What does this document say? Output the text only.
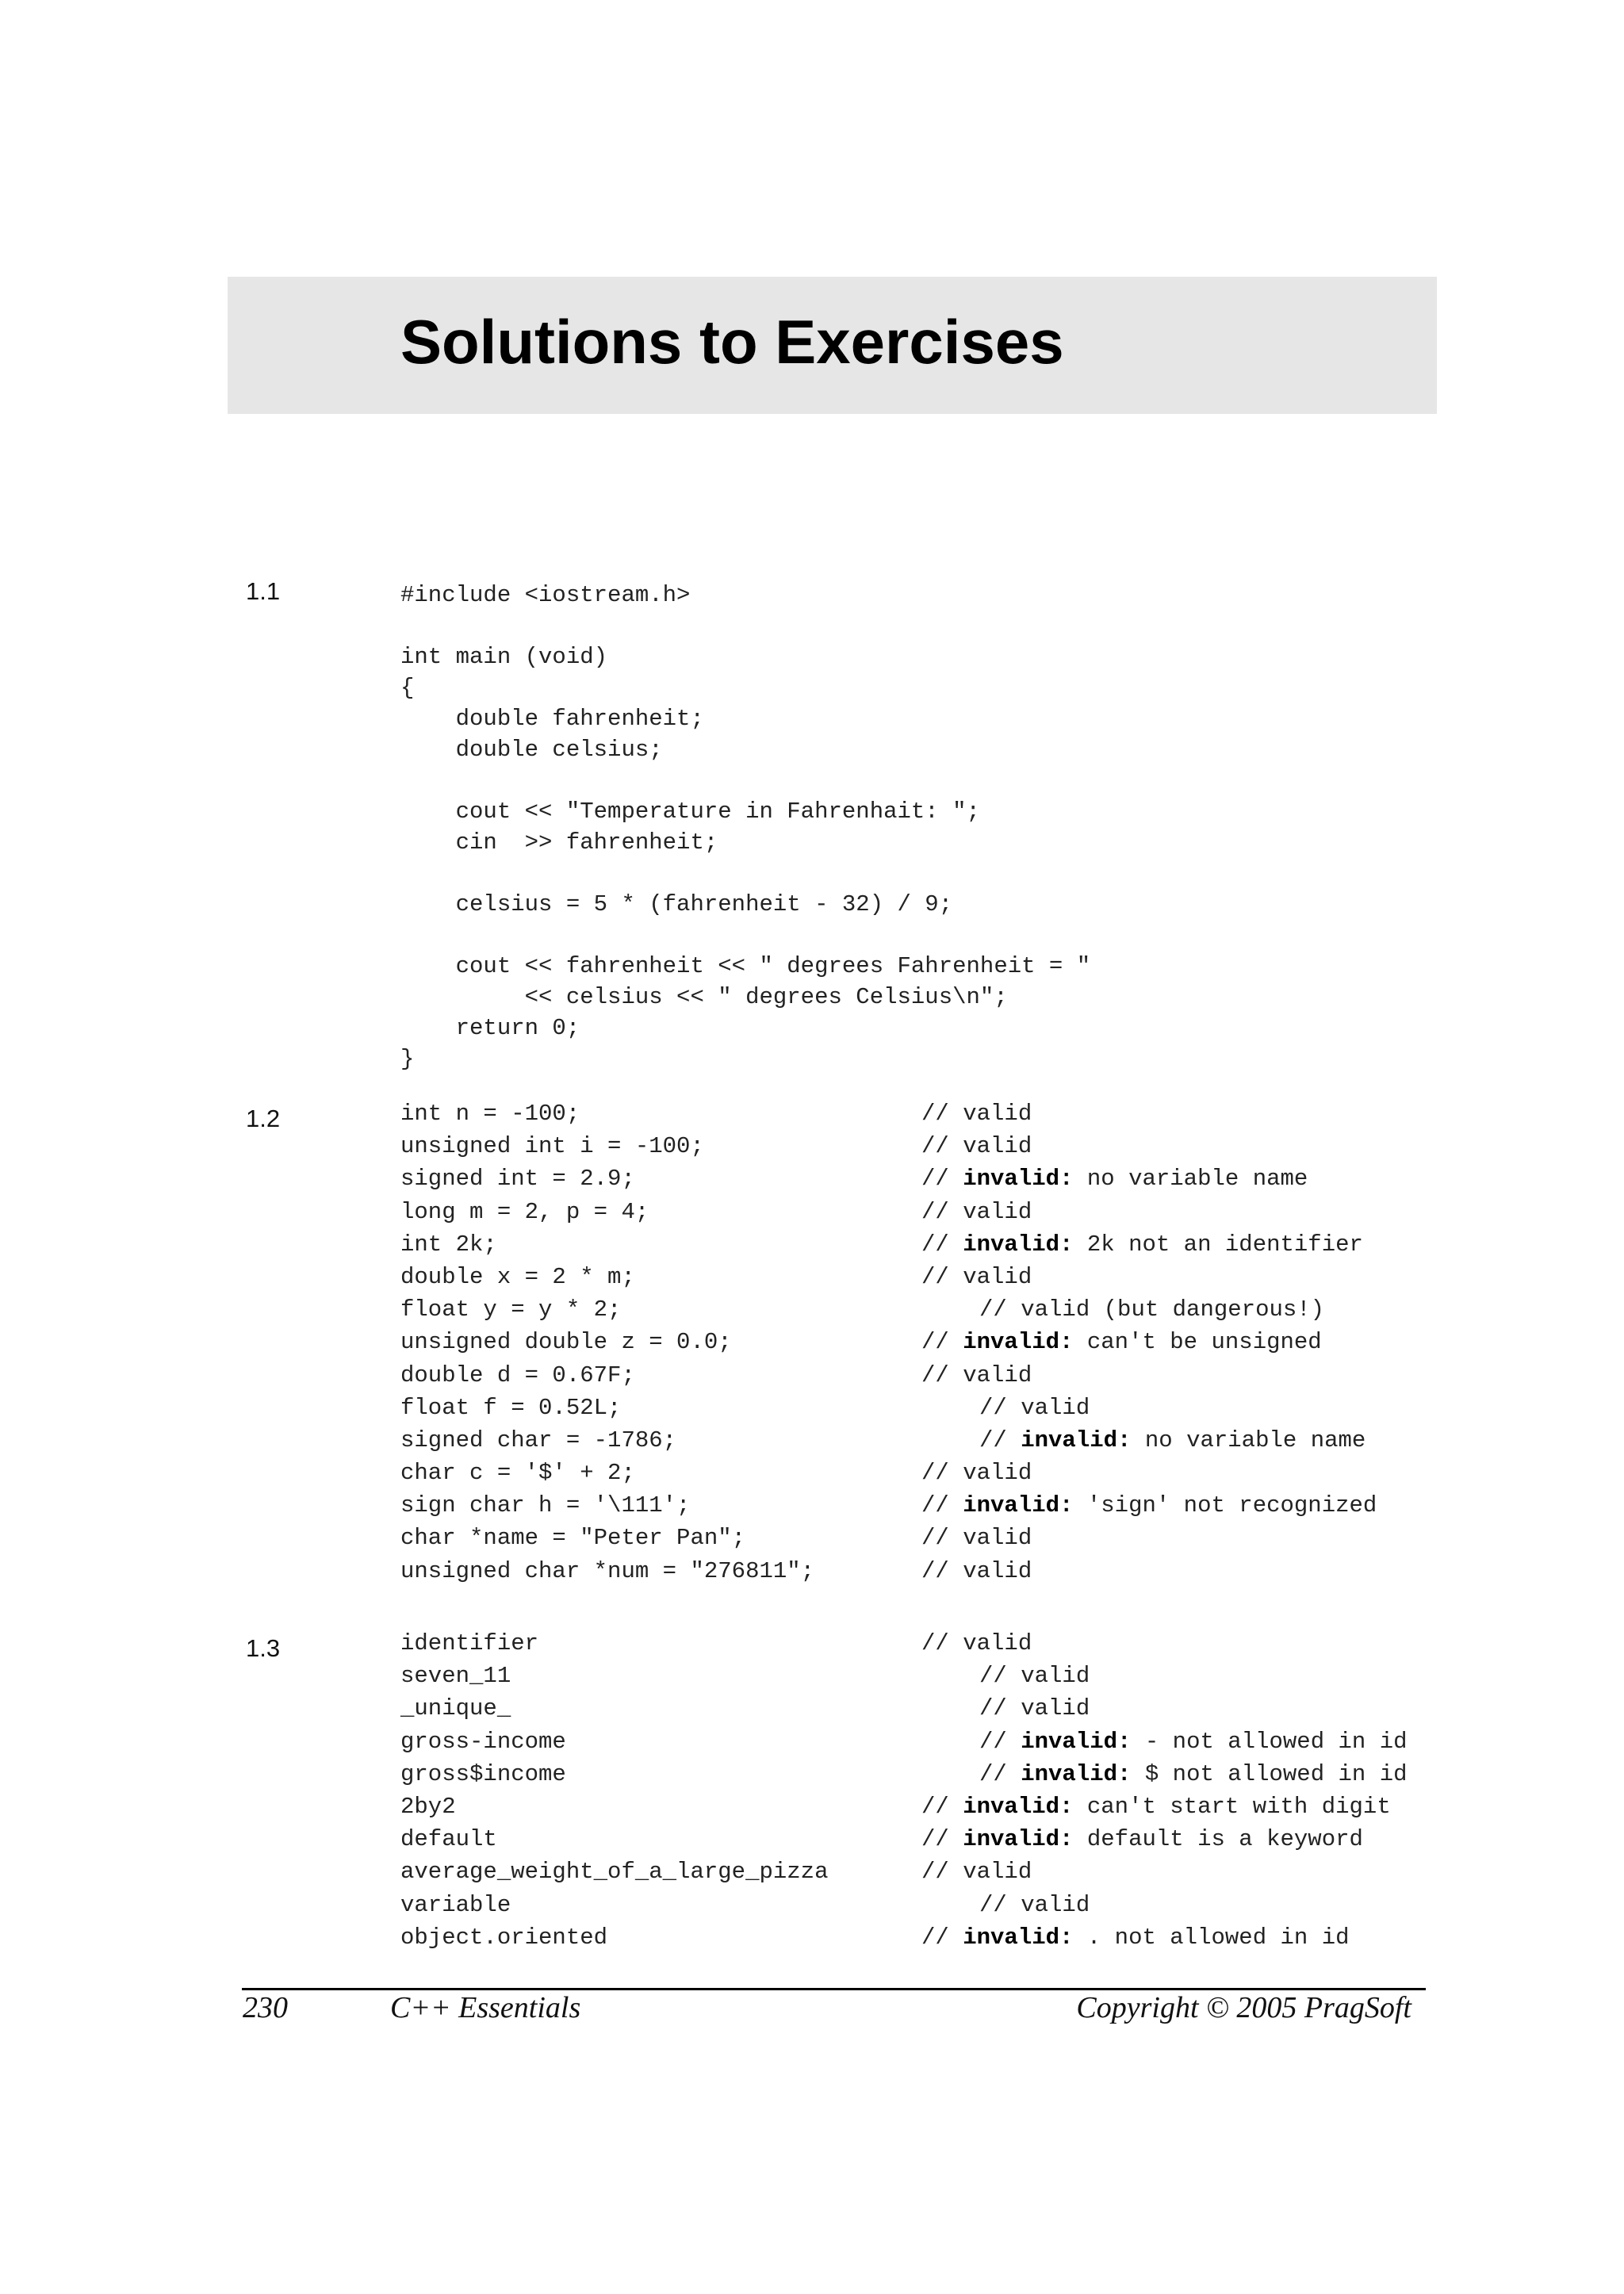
Solutions to Exercises
1.1	#include <iostream.h>
int main (void)
{
double fahrenheit;
double celsius;
cout << "Temperature in Fahrenhait: ";
cin  >> fahrenheit;
celsius = 5 * (fahrenheit - 32) / 9;
cout << fahrenheit << " degrees Fahrenheit = "
<< celsius << " degrees Celsius\n";
return 0;
}
1.2	int n = -100;	// valid
unsigned int i = -100;	// valid
signed int = 2.9;	// invalid: no variable name
long m = 2, p = 4;	// valid
int 2k;	// invalid: 2k not an identifier
double x = 2 * m;	// valid
float y = y * 2;	// valid (but dangerous!)
unsigned double z = 0.0;	// invalid: can't be unsigned
double d = 0.67F;	// valid
float f = 0.52L;	// valid
signed char = -1786;	// invalid: no variable name
char c = '$' + 2;	// valid
sign char h = '\111';	// invalid: 'sign' not recognized
char *name = "Peter Pan";	// valid
unsigned char *num = "276811";	// valid
1.3	identifier	// valid
seven_11	// valid
_unique_	// valid
gross-income	// invalid: - not allowed in id
gross$income	// invalid: $ not allowed in id
2by2	// invalid: can't start with digit
default	// invalid: default is a keyword
average_weight_of_a_large_pizza	// valid
variable	// valid
object.oriented	// invalid: . not allowed in id
230	C++ Essentials	Copyright © 2005 PragSoft
